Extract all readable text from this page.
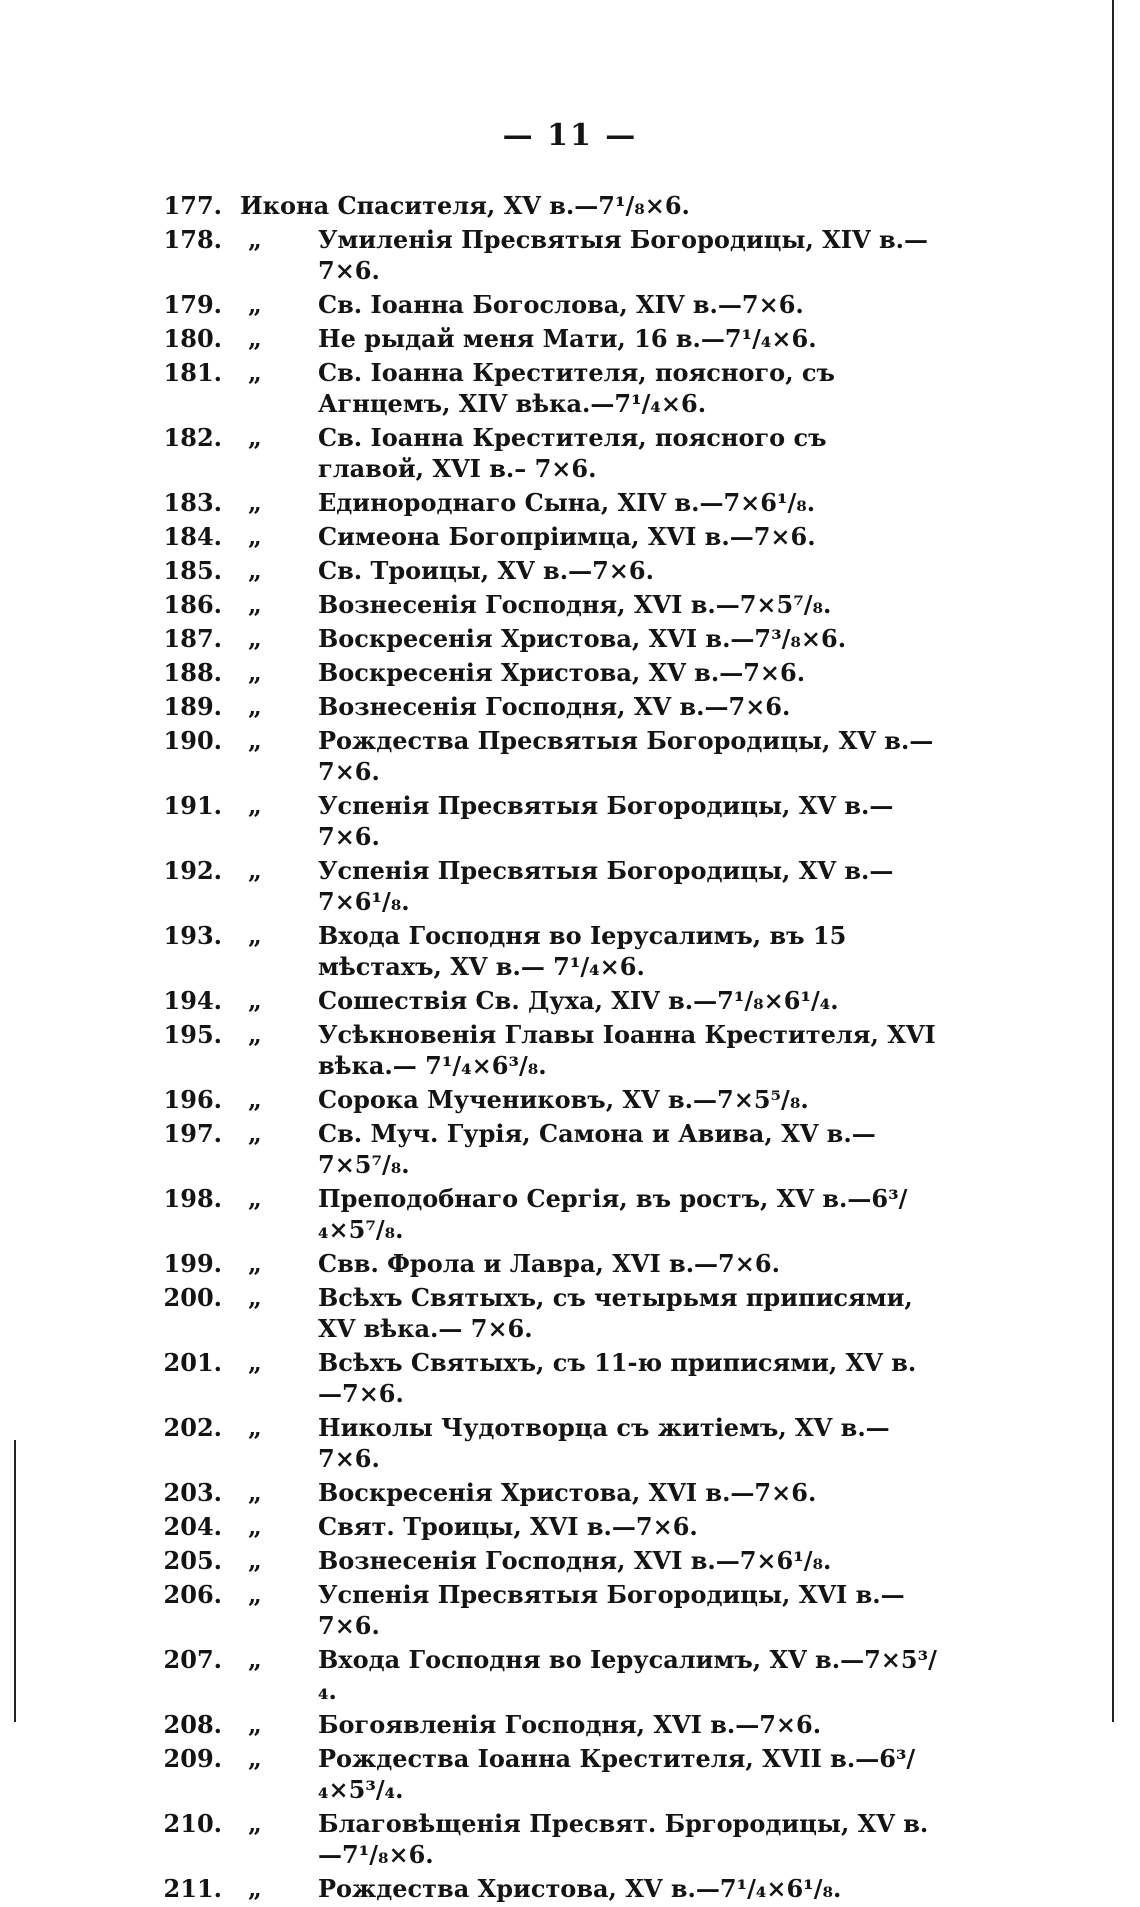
— 11 —
177. Икона Спасителя, XV в.—7¹/₈×6.
178. „	Умиленія Пресвятыя Богородицы, XIV в.—7×6.
179. „	Св. Іоанна Богослова, XIV в.—7×6.
180. „	Не рыдай меня Мати, 16 в.—7¹/₄×6.
181. „	Св. Іоанна Крестителя, поясного, съ Агнцемъ, XIV вѣка.—7¹/₄×6.
182. „	Св. Іоанна Крестителя, поясного съ главой, XVI в.– 7×6.
183. „	Единороднаго Сына, XIV в.—7×6¹/₈.
184. „	Симеона Богопріимца, XVI в.—7×6.
185. „	Св. Троицы, XV в.—7×6.
186. „	Вознесенія Господня, XVI в.—7×5⁷/₈.
187. „	Воскресенія Христова, XVI в.—7³/₈×6.
188. „	Воскресенія Христова, XV в.—7×6.
189. „	Вознесенія Господня, XV в.—7×6.
190. „	Рождества Пресвятыя Богородицы, XV в.—7×6.
191. „	Успенія Пресвятыя Богородицы, XV в.—7×6.
192. „	Успенія Пресвятыя Богородицы, XV в.—7×6¹/₈.
193. „	Входа Господня во Іерусалимъ, въ 15 мѣстахъ, XV в.— 7¹/₄×6.
194. „	Сошествія Св. Духа, XIV в.—7¹/₈×6¹/₄.
195. „	Усѣкновенія Главы Іоанна Крестителя, XVI вѣка.— 7¹/₄×6³/₈.
196. „	Сорока Мучениковъ, XV в.—7×5⁵/₈.
197. „	Св. Муч. Гурія, Самона и Авива, XV в.—7×5⁷/₈.
198. „	Преподобнаго Сергія, въ ростъ, XV в.—6³/₄×5⁷/₈.
199. „	Свв. Фрола и Лавра, XVI в.—7×6.
200. „	Всѣхъ Святыхъ, съ четырьмя приписями, XV вѣка.— 7×6.
201. „	Всѣхъ Святыхъ, съ 11-ю приписями, XV в.—7×6.
202. „	Николы Чудотворца съ житіемъ, XV в.—7×6.
203. „	Воскресенія Христова, XVI в.—7×6.
204. „	Свят. Троицы, XVI в.—7×6.
205. „	Вознесенія Господня, XVI в.—7×6¹/₈.
206. „	Успенія Пресвятыя Богородицы, XVI в.—7×6.
207. „	Входа Господня во Іерусалимъ, XV в.—7×5³/₄.
208. „	Богоявленія Господня, XVI в.—7×6.
209. „	Рождества Іоанна Крестителя, XVII в.—6³/₄×5³/₄.
210. „	Благовѣщенія Пресвят. Бргородицы, XV в.—7¹/₈×6.
211. „	Рождества Христова, XV в.—7¹/₄×6¹/₈.
